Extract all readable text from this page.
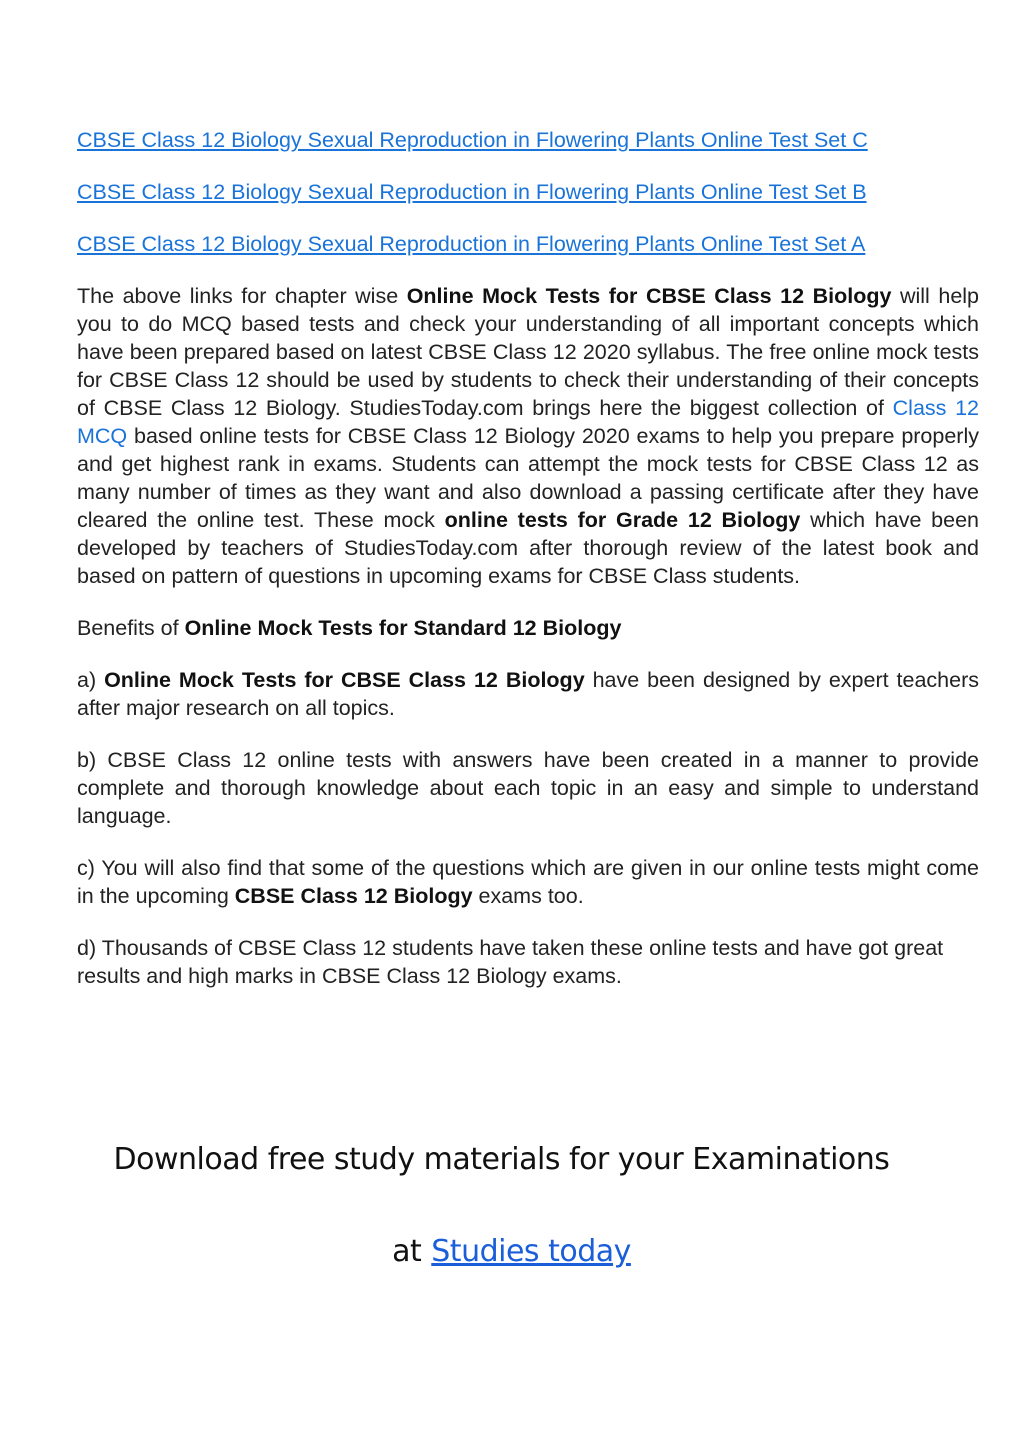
CBSE Class 12 Biology Sexual Reproduction in Flowering Plants Online Test Set C
CBSE Class 12 Biology Sexual Reproduction in Flowering Plants Online Test Set B
CBSE Class 12 Biology Sexual Reproduction in Flowering Plants Online Test Set A

The above links for chapter wise Online Mock Tests for CBSE Class 12 Biology will help you to do MCQ based tests and check your understanding of all important concepts which have been prepared based on latest CBSE Class 12 2020 syllabus. The free online mock tests for CBSE Class 12 should be used by students to check their understanding of their concepts of CBSE Class 12 Biology. StudiesToday.com brings here the biggest collection of Class 12 MCQ based online tests for CBSE Class 12 Biology 2020 exams to help you prepare properly and get highest rank in exams. Students can attempt the mock tests for CBSE Class 12 as many number of times as they want and also download a passing certificate after they have cleared the online test. These mock online tests for Grade 12 Biology which have been developed by teachers of StudiesToday.com after thorough review of the latest book and based on pattern of questions in upcoming exams for CBSE Class students.

Benefits of Online Mock Tests for Standard 12 Biology

a) Online Mock Tests for CBSE Class 12 Biology have been designed by expert teachers after major research on all topics.

b) CBSE Class 12 online tests with answers have been created in a manner to provide complete and thorough knowledge about each topic in an easy and simple to understand language.

c) You will also find that some of the questions which are given in our online tests might come in the upcoming CBSE Class 12 Biology exams too.

d) Thousands of CBSE Class 12 students have taken these online tests and have got great results and high marks in CBSE Class 12 Biology exams.

Download free study materials for your Examinations
at Studies today
